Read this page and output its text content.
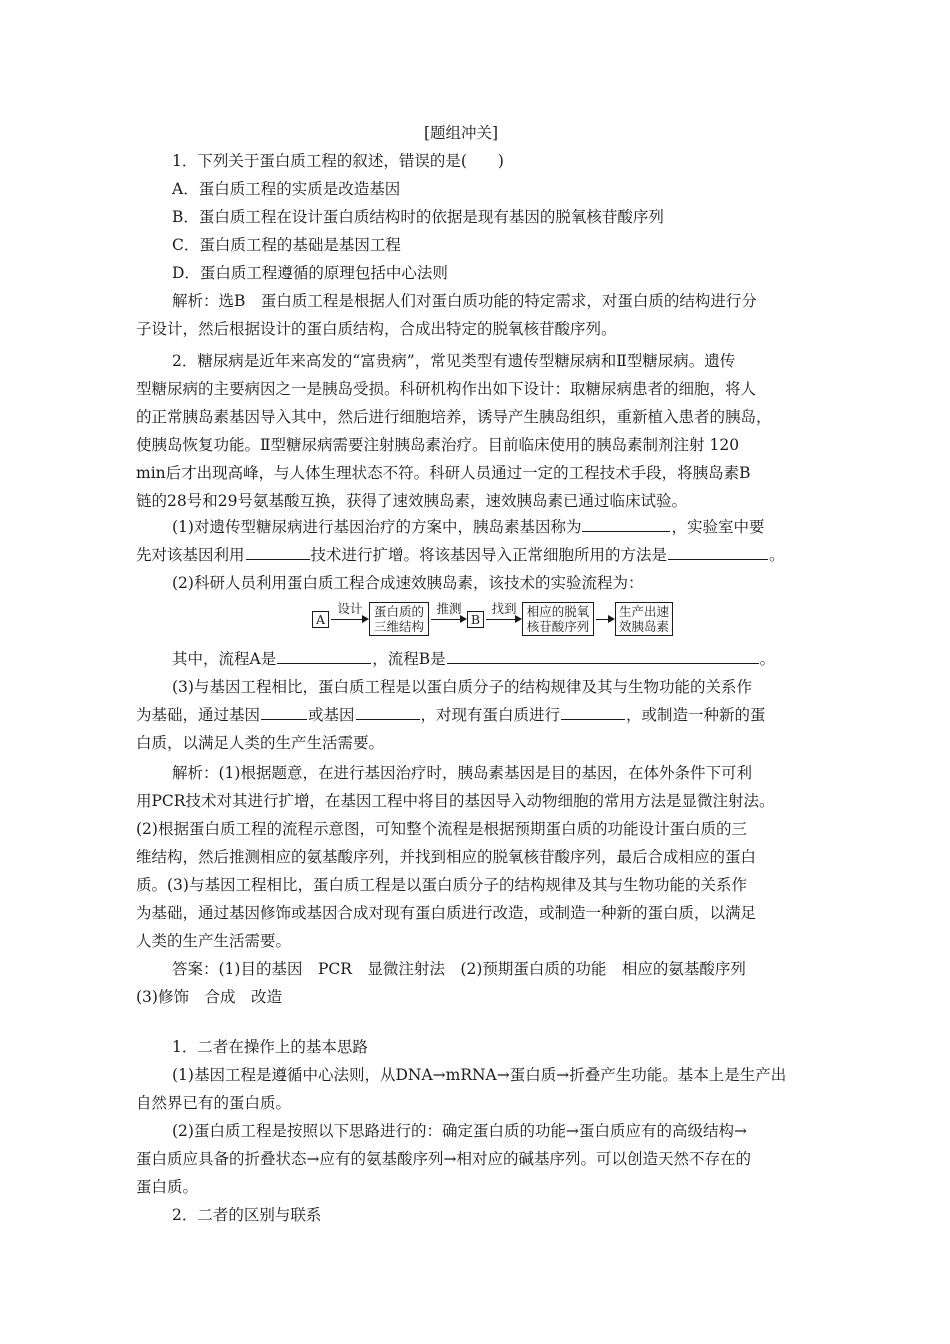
[题组冲关]
1．下列关于蛋白质工程的叙述，错误的是(　　)
A．蛋白质工程的实质是改造基因
B．蛋白质工程在设计蛋白质结构时的依据是现有基因的脱氧核苷酸序列
C．蛋白质工程的基础是基因工程
D．蛋白质工程遵循的原理包括中心法则
解析：选B　蛋白质工程是根据人们对蛋白质功能的特定需求，对蛋白质的结构进行分
子设计，然后根据设计的蛋白质结构，合成出特定的脱氧核苷酸序列。
2．糖尿病是近年来高发的“富贵病”，常见类型有遗传型糖尿病和Ⅱ型糖尿病。遗传
型糖尿病的主要病因之一是胰岛受损。科研机构作出如下设计：取糖尿病患者的细胞，将人
的正常胰岛素基因导入其中，然后进行细胞培养，诱导产生胰岛组织，重新植入患者的胰岛，
使胰岛恢复功能。Ⅱ型糖尿病需要注射胰岛素治疗。目前临床使用的胰岛素制剂注射 120
min后才出现高峰，与人体生理状态不符。科研人员通过一定的工程技术手段，将胰岛素B
链的28号和29号氨基酸互换，获得了速效胰岛素，速效胰岛素已通过临床试验。
(1)对遗传型糖尿病进行基因治疗的方案中，胰岛素基因称为	，实验室中要
先对该基因利用	技术进行扩增。将该基因导入正常细胞所用的方法是	。
(2)科研人员利用蛋白质工程合成速效胰岛素，该技术的实验流程为：
A
设计 蛋白质的
三维结构
推测
B
找到 相应的脱氧
核苷酸序列
生产出速
效胰岛素
其中，流程A是	，流程B是	。
(3)与基因工程相比，蛋白质工程是以蛋白质分子的结构规律及其与生物功能的关系作
为基础，通过基因	或基因	，对现有蛋白质进行	，或制造一种新的蛋
白质，以满足人类的生产生活需要。
解析：(1)根据题意，在进行基因治疗时，胰岛素基因是目的基因，在体外条件下可利
用PCR技术对其进行扩增，在基因工程中将目的基因导入动物细胞的常用方法是显微注射法。
(2)根据蛋白质工程的流程示意图，可知整个流程是根据预期蛋白质的功能设计蛋白质的三
维结构，然后推测相应的氨基酸序列，并找到相应的脱氧核苷酸序列，最后合成相应的蛋白
质。(3)与基因工程相比，蛋白质工程是以蛋白质分子的结构规律及其与生物功能的关系作
为基础，通过基因修饰或基因合成对现有蛋白质进行改造，或制造一种新的蛋白质，以满足
人类的生产生活需要。
答案：(1)目的基因　PCR　显微注射法　(2)预期蛋白质的功能　相应的氨基酸序列
(3)修饰　合成　改造
1．二者在操作上的基本思路
(1)基因工程是遵循中心法则，从DNA→mRNA→蛋白质→折叠产生功能。基本上是生产出
自然界已有的蛋白质。
(2)蛋白质工程是按照以下思路进行的：确定蛋白质的功能→蛋白质应有的高级结构→
蛋白质应具备的折叠状态→应有的氨基酸序列→相对应的碱基序列。可以创造天然不存在的
蛋白质。
2．二者的区别与联系
